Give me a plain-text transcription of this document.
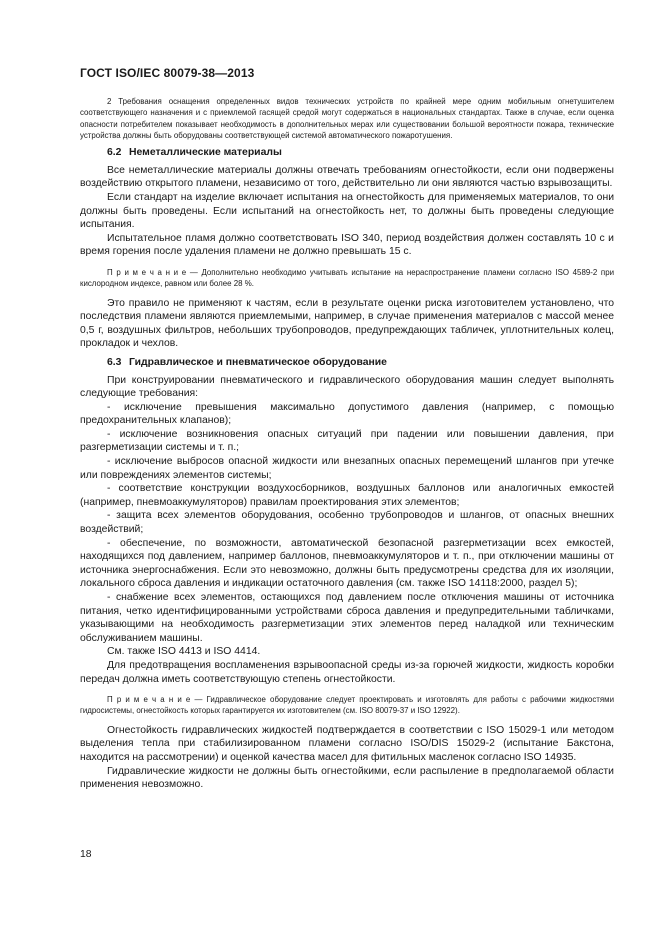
ГОСТ ISO/IEC 80079-38—2013

2 Требования оснащения определенных видов технических устройств по крайней мере одним мобильным огнетушителем соответствующего назначения и с приемлемой гасящей средой могут содержаться в национальных стандартах. Также в случае, если оценка опасности потребителем показывает необходимость в дополнительных мерах или существовании большой вероятности пожара, технические устройства должны быть оборудованы соответствующей системой автоматического пожаротушения.

6.2 Неметаллические материалы

Все неметаллические материалы должны отвечать требованиям огнестойкости, если они подвержены воздействию открытого пламени, независимо от того, действительно ли они являются частью взрывозащиты.

Если стандарт на изделие включает испытания на огнестойкость для применяемых материалов, то они должны быть проведены. Если испытаний на огнестойкость нет, то должны быть проведены следующие испытания.

Испытательное пламя должно соответствовать ISO 340, период воздействия должен составлять 10 с и время горения после удаления пламени не должно превышать 15 с.

П р и м е ч а н и е — Дополнительно необходимо учитывать испытание на нераспространение пламени согласно ISO 4589-2 при кислородном индексе, равном или более 28 %.

Это правило не применяют к частям, если в результате оценки риска изготовителем установлено, что последствия пламени являются приемлемыми, например, в случае применения материалов с массой менее 0,5 г, воздушных фильтров, небольших трубопроводов, предупреждающих табличек, уплотнительных колец, прокладок и чехлов.

6.3 Гидравлическое и пневматическое оборудование

При конструировании пневматического и гидравлического оборудования машин следует выполнять следующие требования:

- исключение превышения максимально допустимого давления (например, с помощью предохранительных клапанов);

- исключение возникновения опасных ситуаций при падении или повышении давления, при разгерметизации системы и т. п.;

- исключение выбросов опасной жидкости или внезапных опасных перемещений шлангов при утечке или повреждениях элементов системы;

- соответствие конструкции воздухосборников, воздушных баллонов или аналогичных емкостей (например, пневмоаккумуляторов) правилам проектирования этих элементов;

- защита всех элементов оборудования, особенно трубопроводов и шлангов, от опасных внешних воздействий;

- обеспечение, по возможности, автоматической безопасной разгерметизации всех емкостей, находящихся под давлением, например баллонов, пневмоаккумуляторов и т. п., при отключении машины от источника энергоснабжения. Если это невозможно, должны быть предусмотрены средства для их изоляции, локального сброса давления и индикации остаточного давления (см. также ISO 14118:2000, раздел 5);

- снабжение всех элементов, остающихся под давлением после отключения машины от источника питания, четко идентифицированными устройствами сброса давления и предупредительными табличками, указывающими на необходимость разгерметизации этих элементов перед наладкой или техническим обслуживанием машины.

См. также ISO 4413 и ISO 4414.

Для предотвращения воспламенения взрывоопасной среды из-за горючей жидкости, жидкость коробки передач должна иметь соответствующую степень огнестойкости.

П р и м е ч а н и е — Гидравлическое оборудование следует проектировать и изготовлять для работы с рабочими жидкостями гидросистемы, огнестойкость которых гарантируется их изготовителем (см. ISO 80079-37 и ISO 12922).

Огнестойкость гидравлических жидкостей подтверждается в соответствии с ISO 15029-1 или методом выделения тепла при стабилизированном пламени согласно ISO/DIS 15029-2 (испытание Бакстона, находится на рассмотрении) и оценкой качества масел для фитильных масленок согласно ISO 14935.

Гидравлические жидкости не должны быть огнестойкими, если распыление в предполагаемой области применения невозможно.

18
